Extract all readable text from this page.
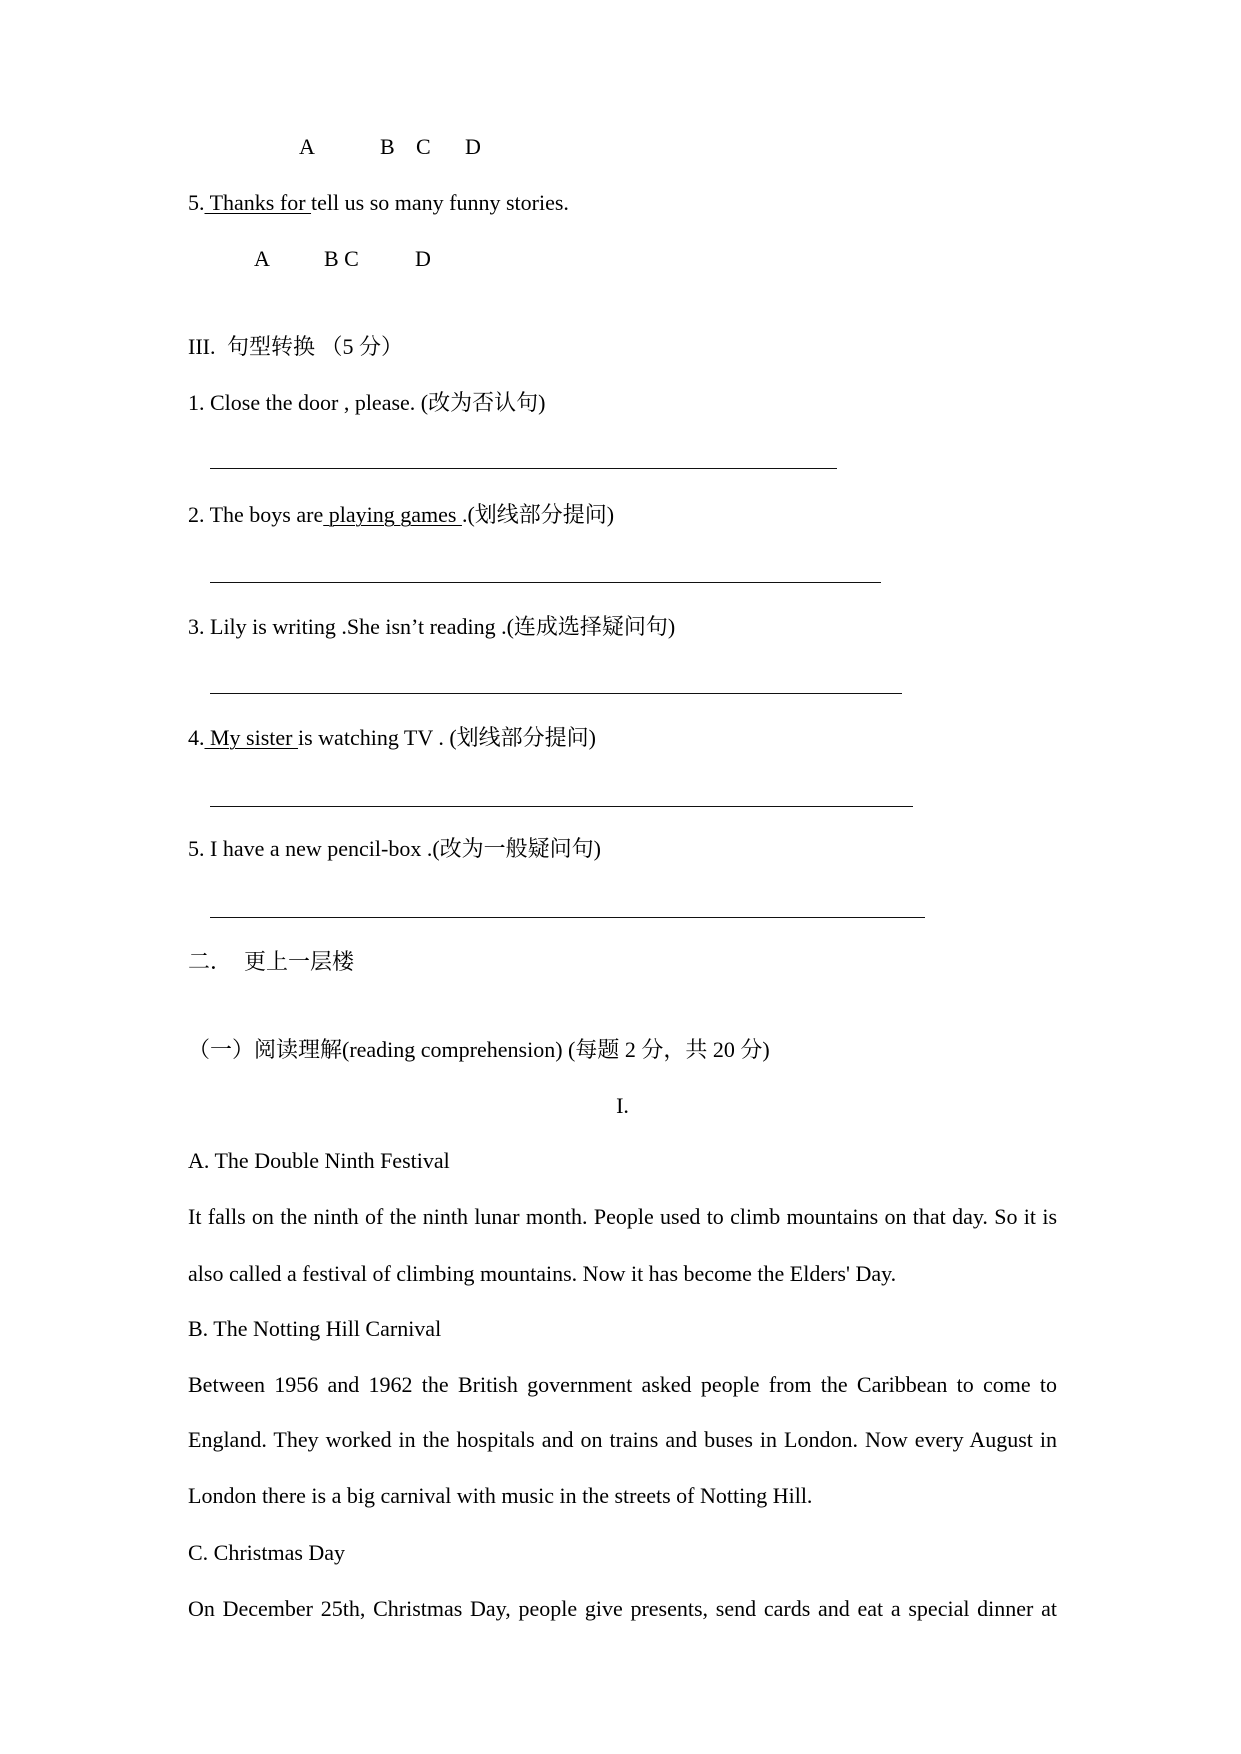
A	B C D
5. Thanks for tell us so many funny stories.
A B C	D
III. 句型转换 （5 分）
1. Close the door , please. (改为否认句)
2. The boys are playing games .(划线部分提问)
3. Lily is writing .She isn’t reading .(连成选择疑问句)
4. My sister is watching TV . (划线部分提问)
5. I have a new pencil-box .(改为一般疑问句)
二． 更上一层楼
（一）阅读理解(reading comprehension) (每题 2 分，共 20 分)
I.
A. The Double Ninth Festival
It falls on the ninth of the ninth lunar month. People used to climb mountains on that day. So it is
also called a festival of climbing mountains. Now it has become the Elders' Day.
B. The Notting Hill Carnival
Between 1956 and 1962 the British government asked people from the Caribbean to come to
England. They worked in the hospitals and on trains and buses in London. Now every August in
London there is a big carnival with music in the streets of Notting Hill.
C. Christmas Day
On December 25th, Christmas Day, people give presents, send cards and eat a special dinner at
